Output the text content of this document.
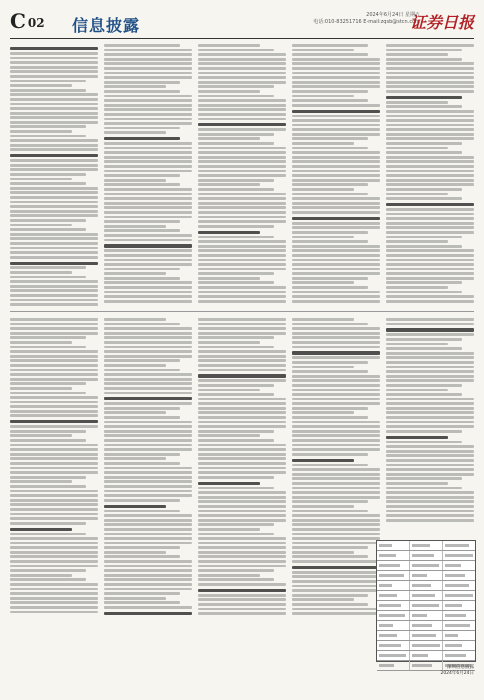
C 02 信息披露
2024年6月24日 星期五
电话:010-83251716 E-mail:zqsb@stcn.com
证券日报
深圳信息披露
2024年6月24日
